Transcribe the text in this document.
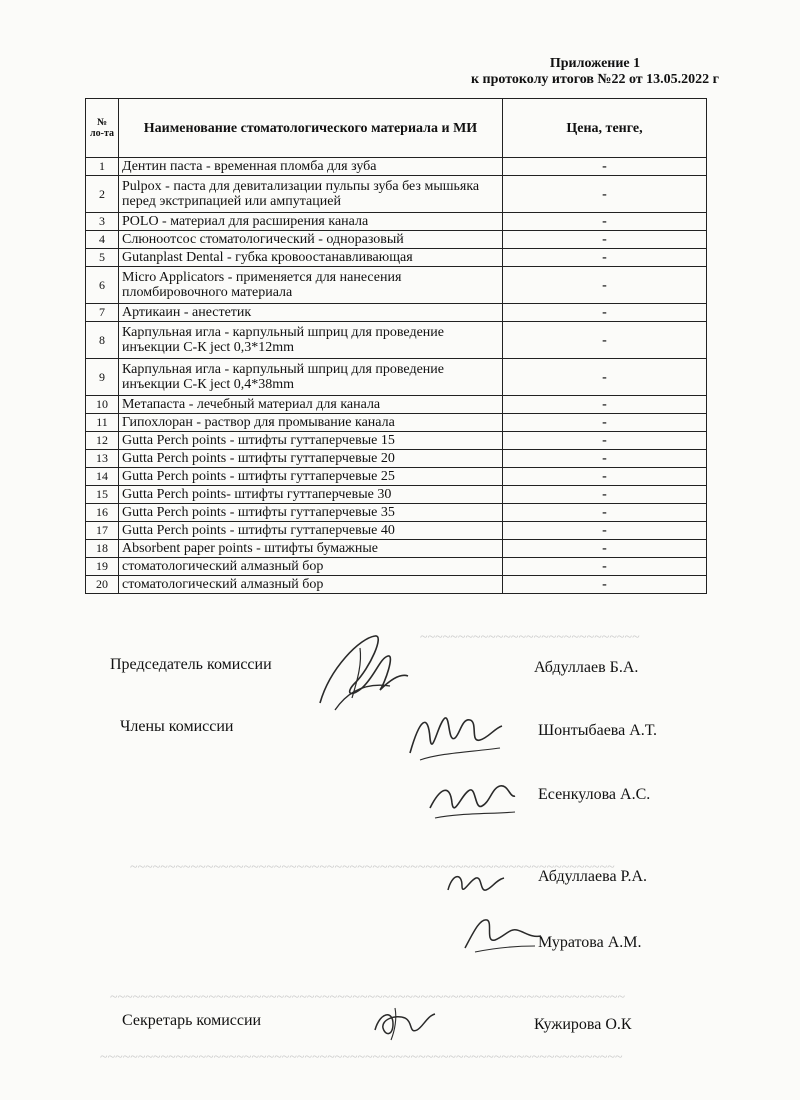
~~~~~~~~~~~~~~~~~~~~~~~~~~~~~
~~~~~~~~~~~~~~~~~~~~~~~~~~~~~~~~~~~~~~~~~~~~~~~~~~~~~~~~~~~~~~~~
~~~~~~~~~~~~~~~~~~~~~~~~~~~~~~~~~~~~~~~~~~~~~~~~~~~~~~~~~~~~~~~~~~~~
~~~~~~~~~~~~~~~~~~~~~~~~~~~~~~~~~~~~~~~~~~~~~~~~~~~~~~~~~~~~~~~~~~~~~
Приложение 1
к протоколу итогов №22 от 13.05.2022 г
№ ло-та	Наименование стоматологического материала и МИ	Цена, тенге,
1	Дентин паста - временная пломба для зуба	-
2	Pulpox - паста для девитализации пульпы зуба без мышьяка перед экстрипацией или ампутацией	-
3	POLO - материал для расширения канала	-
4	Слюноотсос стоматологический - одноразовый	-
5	Gutanplast Dental - губка кровоостанавливающая	-
6	Micro Applicators - применяется для нанесения пломбировочного материала	-
7	Артикаин - анестетик	-
8	Карпульная игла - карпульный шприц для проведение инъекции С-К ject 0,3*12mm	-
9	Карпульная игла - карпульный шприц для проведение инъекции С-К ject 0,4*38mm	-
10	Метапаста - лечебный материал для канала	-
11	Гипохлоран - раствор для промывание канала	-
12	Gutta Perch points - штифты гуттаперчевые 15	-
13	Gutta Perch points - штифты гуттаперчевые 20	-
14	Gutta Perch points - штифты гуттаперчевые 25	-
15	Gutta Perch points- штифты гуттаперчевые 30	-
16	Gutta Perch points - штифты гуттаперчевые 35	-
17	Gutta Perch points - штифты гуттаперчевые 40	-
18	Absorbent paper points - штифты бумажные	-
19	стоматологический алмазный бор	-
20	стоматологический алмазный бор	-
Председатель комиссии	Абдуллаев Б.А.
Члены комиссии	Шонтыбаева А.Т.
Есенкулова А.С.
Абдуллаева Р.А.
Муратова А.М.
Секретарь комиссии	Кужирова О.К
